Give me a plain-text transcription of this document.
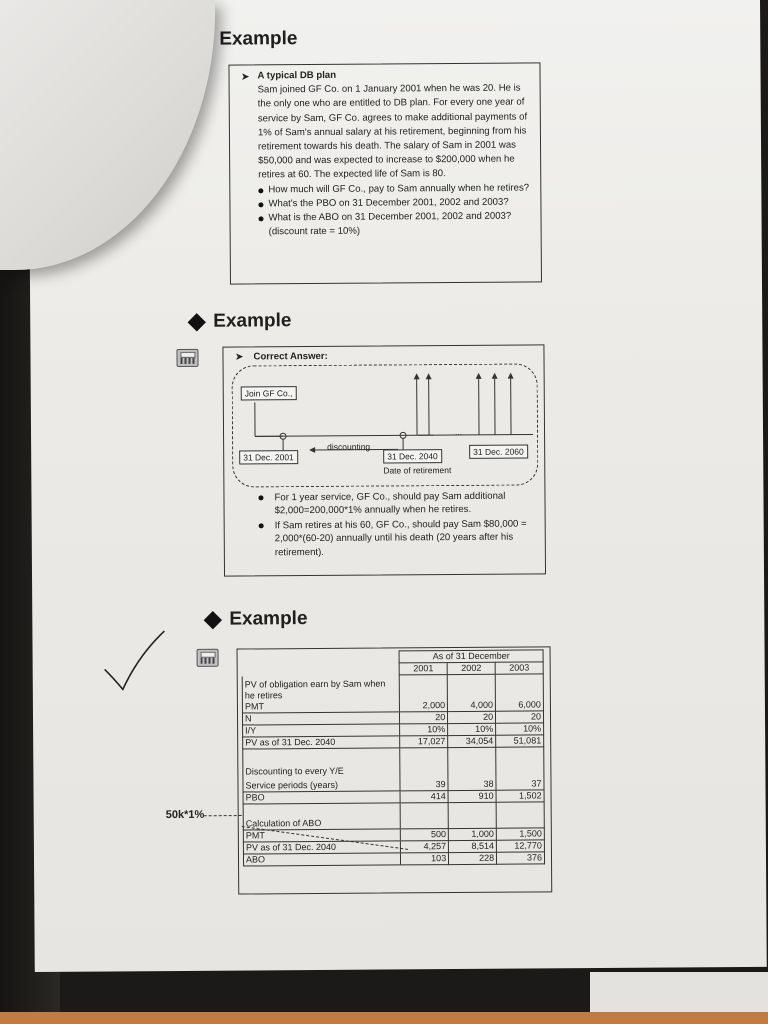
Example
➤ A typical DB plan
Sam joined GF Co. on 1 January 2001 when he was 20. He is the only one who are entitled to DB plan. For every one year of service by Sam, GF Co. agrees to make additional payments of 1% of Sam's annual salary at his retirement, beginning from his retirement towards his death. The salary of Sam in 2001 was $50,000 and was expected to increase to $200,000 when he retires at 60. The expected life of Sam is 80.
How much will GF Co., pay to Sam annually when he retires?
What's the PBO on 31 December 2001, 2002 and 2003?
What is the ABO on 31 December 2001, 2002 and 2003? (discount rate = 10%)
Example
➤ Correct Answer:
Join GF Co.,
31 Dec. 2001
discounting
31 Dec. 2040
...
31 Dec. 2060
Date of retirement
For 1 year service, GF Co., should pay Sam additional $2,000=200,000*1% annually when he retires.
If Sam retires at his 60, GF Co., should pay Sam $80,000 = 2,000*(60-20) annually until his death (20 years after his retirement).
Example
50k*1%
	As of 31 December		
	2001	2002	2003
PV of obligation earn by Sam when he retires			
PMT	2,000	4,000	6,000
N	20	20	20
I/Y	10%	10%	10%
PV as of 31 Dec. 2040	17,027	34,054	51,081

Discounting to every Y/E			
Service periods (years)	39	38	37
PBO	414	910	1,502

Calculation of ABO			
PMT	500	1,000	1,500
PV as of 31 Dec. 2040	4,257	8,514	12,770
ABO	103	228	376
